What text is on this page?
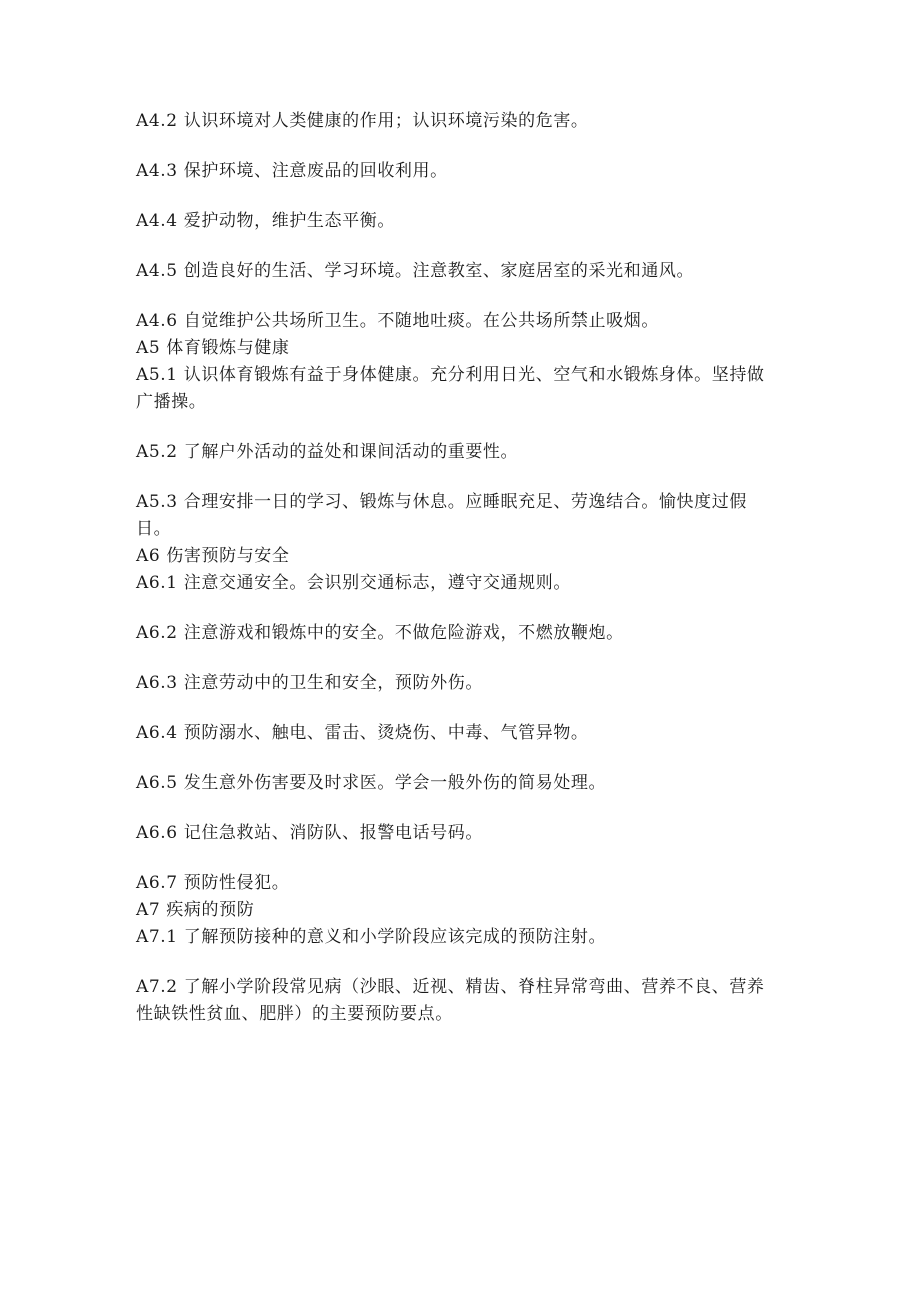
A4.2 认识环境对人类健康的作用；认识环境污染的危害。

A4.3 保护环境、注意废品的回收利用。

A4.4 爱护动物，维护生态平衡。

A4.5 创造良好的生活、学习环境。注意教室、家庭居室的采光和通风。

A4.6 自觉维护公共场所卫生。不随地吐痰。在公共场所禁止吸烟。

A5 体育锻炼与健康

A5.1 认识体育锻炼有益于身体健康。充分利用日光、空气和水锻炼身体。坚持做广播操。

A5.2 了解户外活动的益处和课间活动的重要性。

A5.3 合理安排一日的学习、锻炼与休息。应睡眠充足、劳逸结合。愉快度过假日。

A6 伤害预防与安全

A6.1 注意交通安全。会识别交通标志，遵守交通规则。

A6.2 注意游戏和锻炼中的安全。不做危险游戏，不燃放鞭炮。

A6.3 注意劳动中的卫生和安全，预防外伤。

A6.4 预防溺水、触电、雷击、烫烧伤、中毒、气管异物。

A6.5 发生意外伤害要及时求医。学会一般外伤的简易处理。

A6.6 记住急救站、消防队、报警电话号码。

A6.7 预防性侵犯。

A7 疾病的预防

A7.1 了解预防接种的意义和小学阶段应该完成的预防注射。

A7.2 了解小学阶段常见病（沙眼、近视、精齿、脊柱异常弯曲、营养不良、营养性缺铁性贫血、肥胖）的主要预防要点。
